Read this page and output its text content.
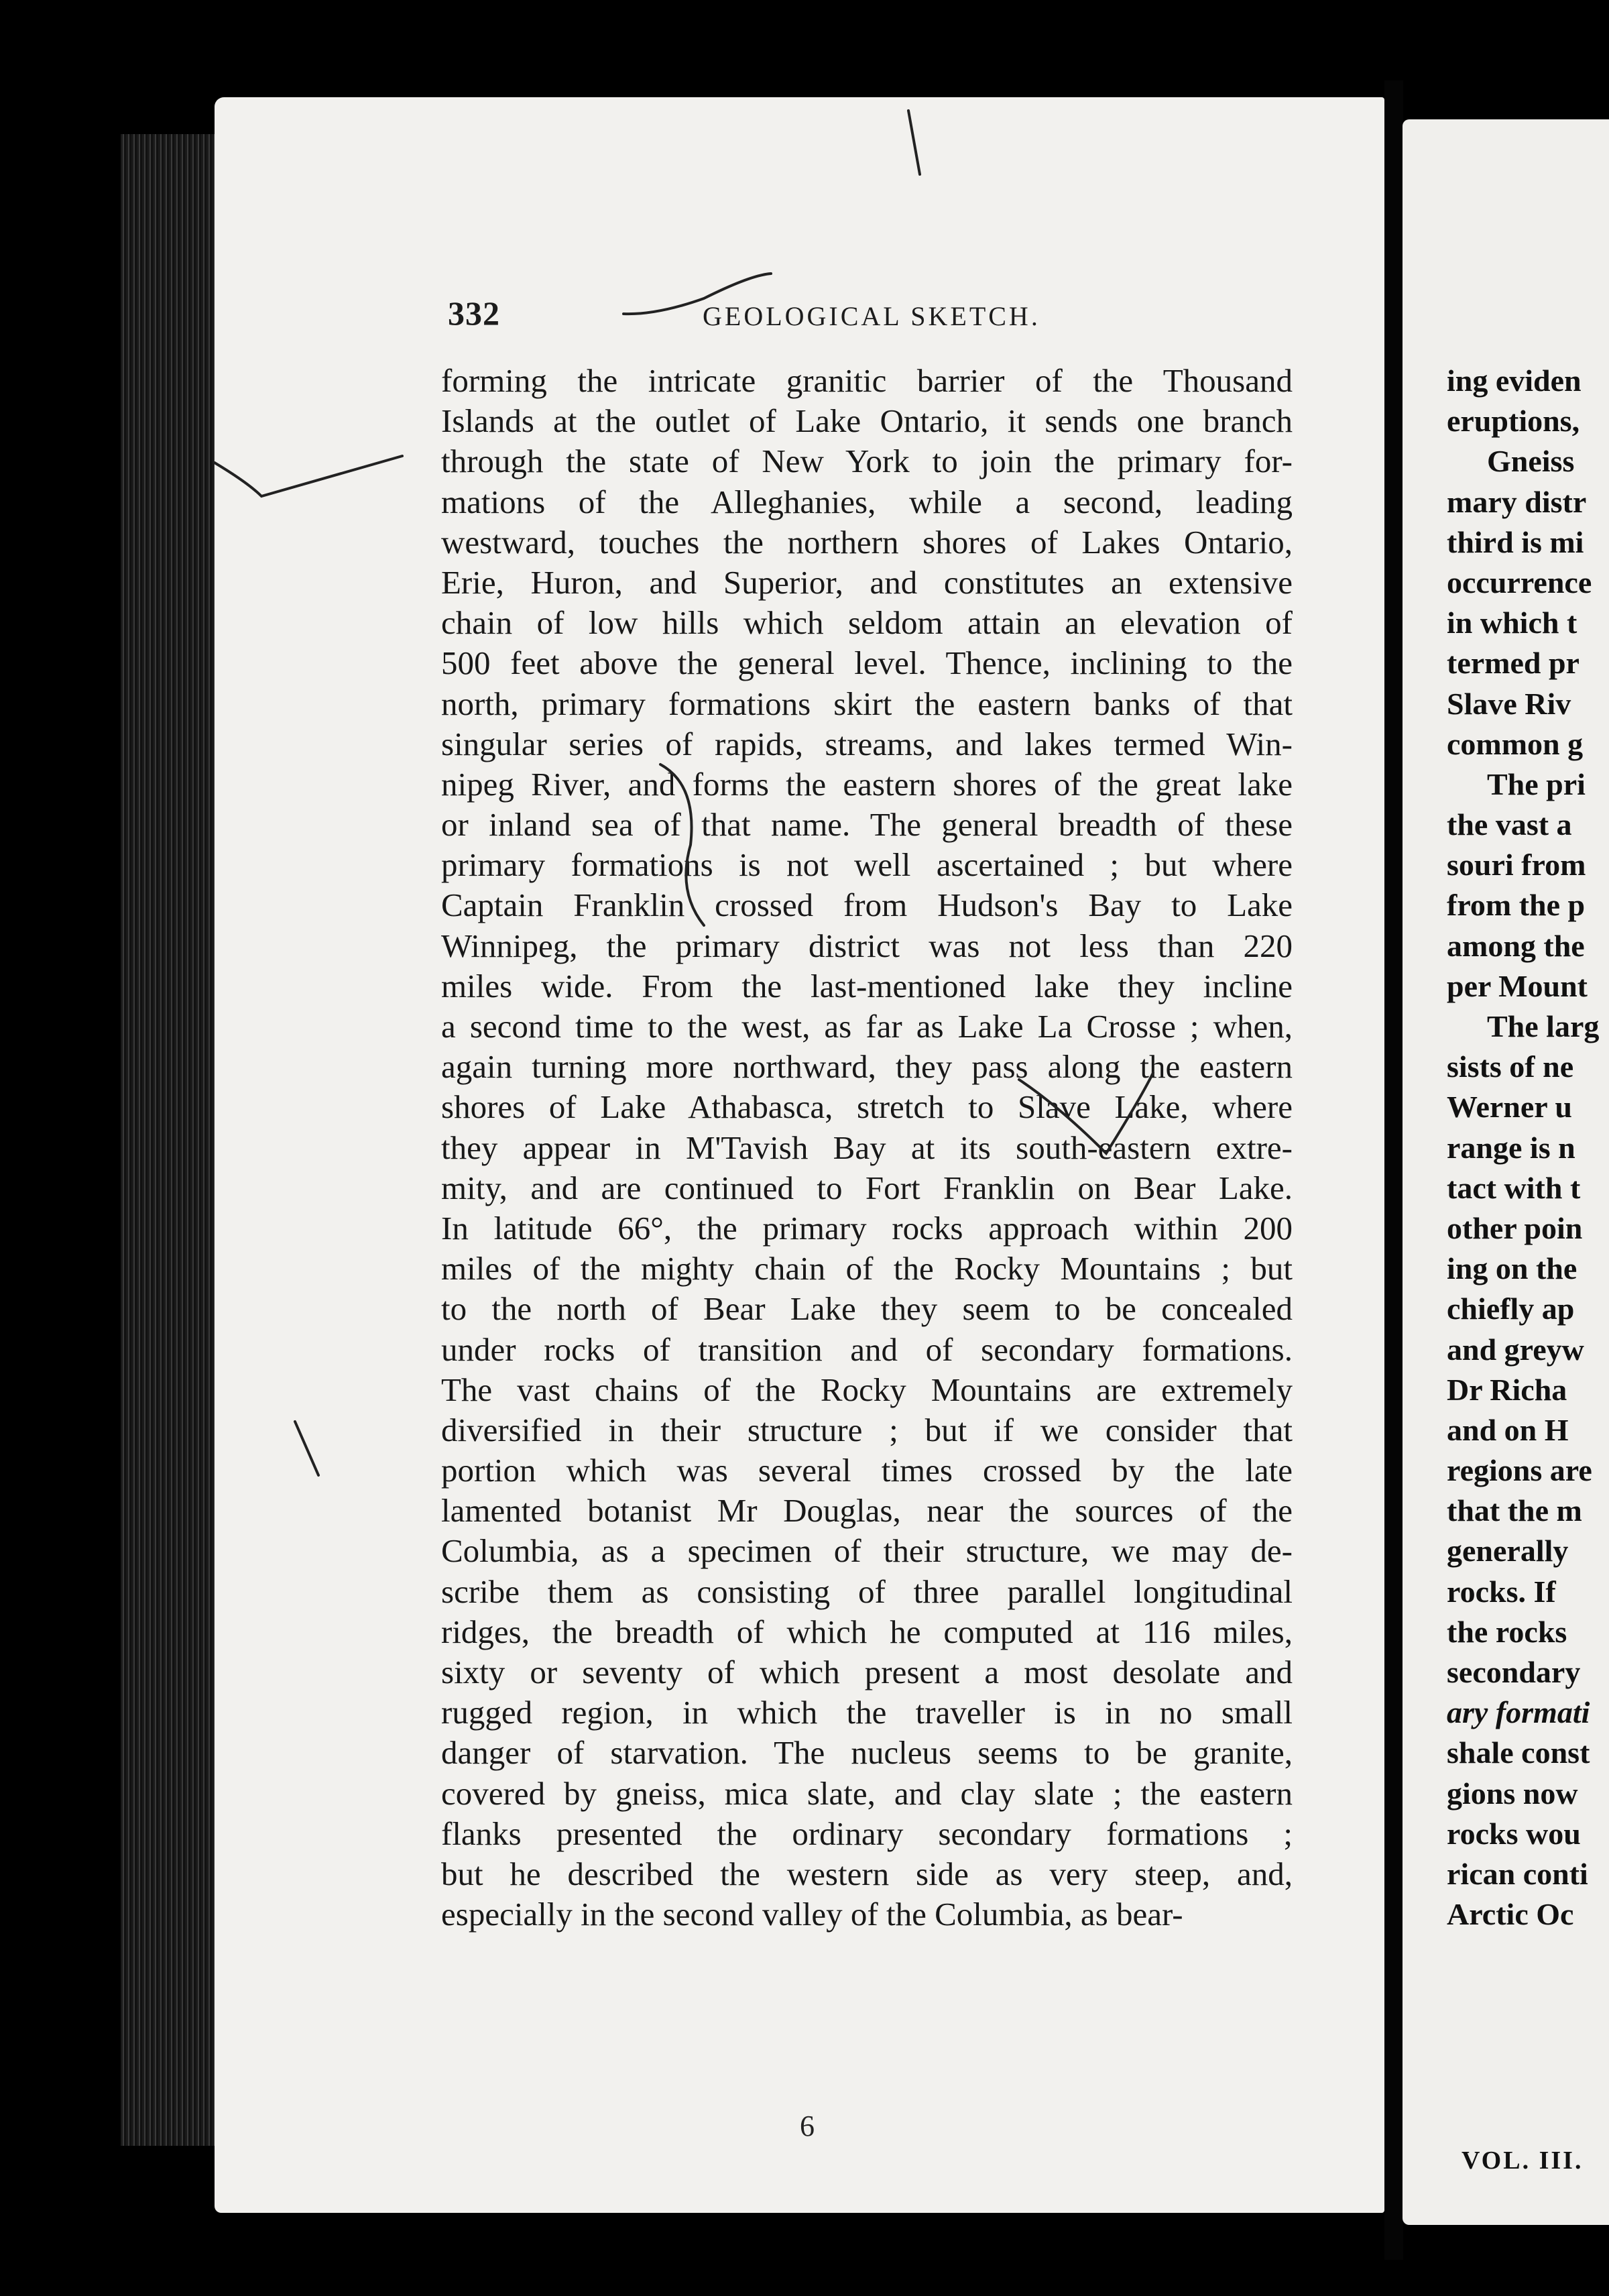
332	GEOLOGICAL SKETCH.
forming the intricate granitic barrier of the Thousand
Islands at the outlet of Lake Ontario, it sends one branch
through the state of New York to join the primary for-
mations of the Alleghanies, while a second, leading
westward, touches the northern shores of Lakes Ontario,
Erie, Huron, and Superior, and constitutes an extensive
chain of low hills which seldom attain an elevation of
500 feet above the general level. Thence, inclining to the
north, primary formations skirt the eastern banks of that
singular series of rapids, streams, and lakes termed Win-
nipeg River, and forms the eastern shores of the great lake
or inland sea of that name. The general breadth of these
primary formations is not well ascertained ; but where
Captain Franklin crossed from Hudson's Bay to Lake
Winnipeg, the primary district was not less than 220
miles wide. From the last-mentioned lake they incline
a second time to the west, as far as Lake La Crosse ; when,
again turning more northward, they pass along the eastern
shores of Lake Athabasca, stretch to Slave Lake, where
they appear in M'Tavish Bay at its south-eastern extre-
mity, and are continued to Fort Franklin on Bear Lake.
In latitude 66°, the primary rocks approach within 200
miles of the mighty chain of the Rocky Mountains ; but
to the north of Bear Lake they seem to be concealed
under rocks of transition and of secondary formations.
The vast chains of the Rocky Mountains are extremely
diversified in their structure ; but if we consider that
portion which was several times crossed by the late
lamented botanist Mr Douglas, near the sources of the
Columbia, as a specimen of their structure, we may de-
scribe them as consisting of three parallel longitudinal
ridges, the breadth of which he computed at 116 miles,
sixty or seventy of which present a most desolate and
rugged region, in which the traveller is in no small
danger of starvation. The nucleus seems to be granite,
covered by gneiss, mica slate, and clay slate ; the eastern
flanks presented the ordinary secondary formations ;
but he described the western side as very steep, and,
especially in the second valley of the Columbia, as bear-
6
ing eviden
eruptions,
Gneiss
mary distr
third is mi
occurrence
in which t
termed pr
Slave Riv
common g
The pri
the vast a
souri from
from the p
among the
per Mount
The larg
sists of ne
Werner u
range is n
tact with t
other poin
ing on the
chiefly ap
and greyw
Dr Richa
and on H
regions are
that the m
generally
rocks. If
the rocks
secondary
ary formati
shale const
gions now
rocks wou
rican conti
Arctic Oc
VOL. III.
